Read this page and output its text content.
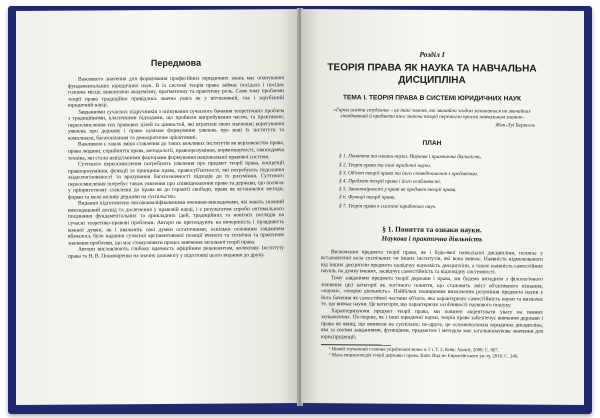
Передмова

Важливого значення для формування професійних юридичних знань має опанування фундаментальних юридичних наук. В їх системі теорія права займає посідала і посідає головне місце, виконуючи академічну, прагматичну та практичну роль. Саме тому проблеми теорії права традиційно привідлись значна увага як у вітчизняній, так і зарубіжній юридичній науці.

Завданнями сучасних підручників з опікування сучасного бачення теоретичних проблем з традиційними, класичними підходами, що пройшли випробування часом, та практикою; переосмислення тих правових цілей та цінностей, які втратили свою значення; корегування уявлень про державу і право шляхом формування уявлень про нові їх інститути та комплексні, багатопланові та демократичне орієнтовані.

Важливою є також зміна ставлення до таких важливих інститутів як верховенство права, права людини, сприйняття права, методології, правоорозуміння, нормотворчості, законодавча техніка, які стали невід'ємними факторами формування національної правової системи.

Суттєвого переосмислення потребують уявлення про предмет теорії права, концепції правоорозуміння, функції та принципи права, правосуб'єктності, які потребують подолання заідеологізованості та врахування багатозначності підходів до їх розуміння. Суттєвого переосмислення потребує також уявлення про співвідношення права та держави, що полягає у пріоритетному ставленні до права як до гарантії свободи, права як встановлює методи, форми та межі впливу держави на суспільство.

Видання підготовлено висококваліфікованими вченими-викладачами, які мають значний викладацький досвід та досягнення у правовій науці, і є результатом спроби оптимального поєднання фундаментальних та прикладних ідей, традиційних та новітніх поглядів на сучасні теоретико-правові проблеми. Автори не претендують на вичерпність і правдивість кожної думки, як і вважають свої думки остаточними, оскільки основним завданням вбачалось було надання сучасної аргументованої позиції вченого та технічна та практичне значення проблеми, що має стимулювати процес вивчення загальної теорії права.

Автори висловлюють глибоку вдячність офіційним рецензентам, колективу Інституту права та Н. В. Пономаренко на значну допомогу у підготовці цього видання до друку.

Розділ І
ТЕОРІЯ ПРАВА ЯК НАУКА ТА НАВЧАЛЬНА ДИСЦИПЛІНА
ТЕМА І. ТЕОРІЯ ПРАВА В СИСТЕМІ ЮРИДИЧНИХ НАУК
«Гарна освіта студента – це такі знання, які звичайно згодом залишаться на звичайних ліквідований й предмети вже знаючи теорії перемогли прості навчальним знання»
Жан-Луї Бержель
ПЛАН
§ 1. Поняття та ознаки науки. Наукова і практична діяльність.
§ 2. Теорія права та інші юридичні науки.
§ 3. Об'єкт теорії права та його співвідношення з предметом.
§ 4. Предмет теорії права і його особливості.
§ 5. Закономірності у праві як предмет теорії права.
§ 6. Функції теорії права.
§ 7. Теорія права в системі юридичних наук.
§ 1. Поняття та ознаки науки.
Наукова і практична діяльність

Визначення предмета теорії права, як і будь-якої навчальної дисципліни, полягає у встановленні кола суспільних чи інших інститутів, які вона вивчає. Наявність відмежованого від інших дисциплін предмета засвідчує науковість дисципліни, а також наявність самостійних науків, на думку вчених, засвідчує самостійність та відповідну системності.

Тому завданням предмета теорії держави і права, ми будемо виходити з філологічного значення цієї категорії як логічного поняття, що становить зміст об'єктивного пізнання, «науки», «теорію діяльність». Найбільш поширеним визначення розуміння предмета науки є його бачення як самостійної частини об'єкта, яка характеризує самостійність науки та визначає те, що вивчає науки. Це категорія, що характеризує особливості наукового пошуку.

Характеризуючи предмет теорії права, ми повинні акцентувати увагу на певних зауваженнях. По-перше, як і інші юридичні науки, теорія права забезпечує вивчення держави і права як явищ, що виникли на суспільно; по-друге, це основоположна юридична дисципліна, яка за своїми завданнями, функціями, предметом і методом має загальнонаукове значення для юриспруденції;

¹ Новий тлумачний словник української мови: в 3 т. Т. 2. Київ: Аконіт, 2008. С. 867.

² Мала енциклопедія теорії держави і права. Київ: Вид-во Європейського ун-ту, 2010. С. 246.
